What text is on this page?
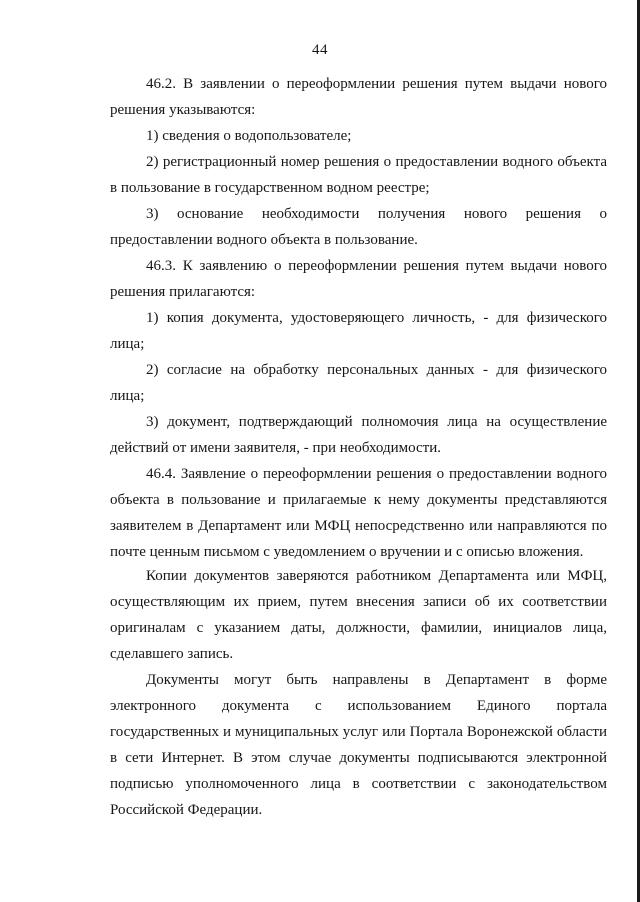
44
46.2. В заявлении о переоформлении решения путем выдачи нового
решения указываются:
1) сведения о водопользователе;
2) регистрационный номер решения о предоставлении водного объекта
в пользование в государственном водном реестре;
3) основание необходимости получения нового решения о
предоставлении водного объекта в пользование.
46.3. К заявлению о переоформлении решения путем выдачи нового
решения прилагаются:
1) копия документа, удостоверяющего личность, - для физического
лица;
2) согласие на обработку персональных данных - для физического
лица;
3) документ, подтверждающий полномочия лица на осуществление
действий от имени заявителя, - при необходимости.
46.4. Заявление о переоформлении решения о предоставлении водного
объекта в пользование и прилагаемые к нему документы представляются
заявителем в Департамент или МФЦ непосредственно или направляются по
почте ценным письмом с уведомлением о вручении и с описью вложения.
Копии документов заверяются работником Департамента или МФЦ,
осуществляющим их прием, путем внесения записи об их соответствии
оригиналам с указанием даты, должности, фамилии, инициалов лица,
сделавшего запись.
Документы могут быть направлены в Департамент в форме
электронного документа с использованием Единого портала
государственных и муниципальных услуг или Портала Воронежской области
в сети Интернет. В этом случае документы подписываются электронной
подписью уполномоченного лица в соответствии с законодательством
Российской Федерации.
